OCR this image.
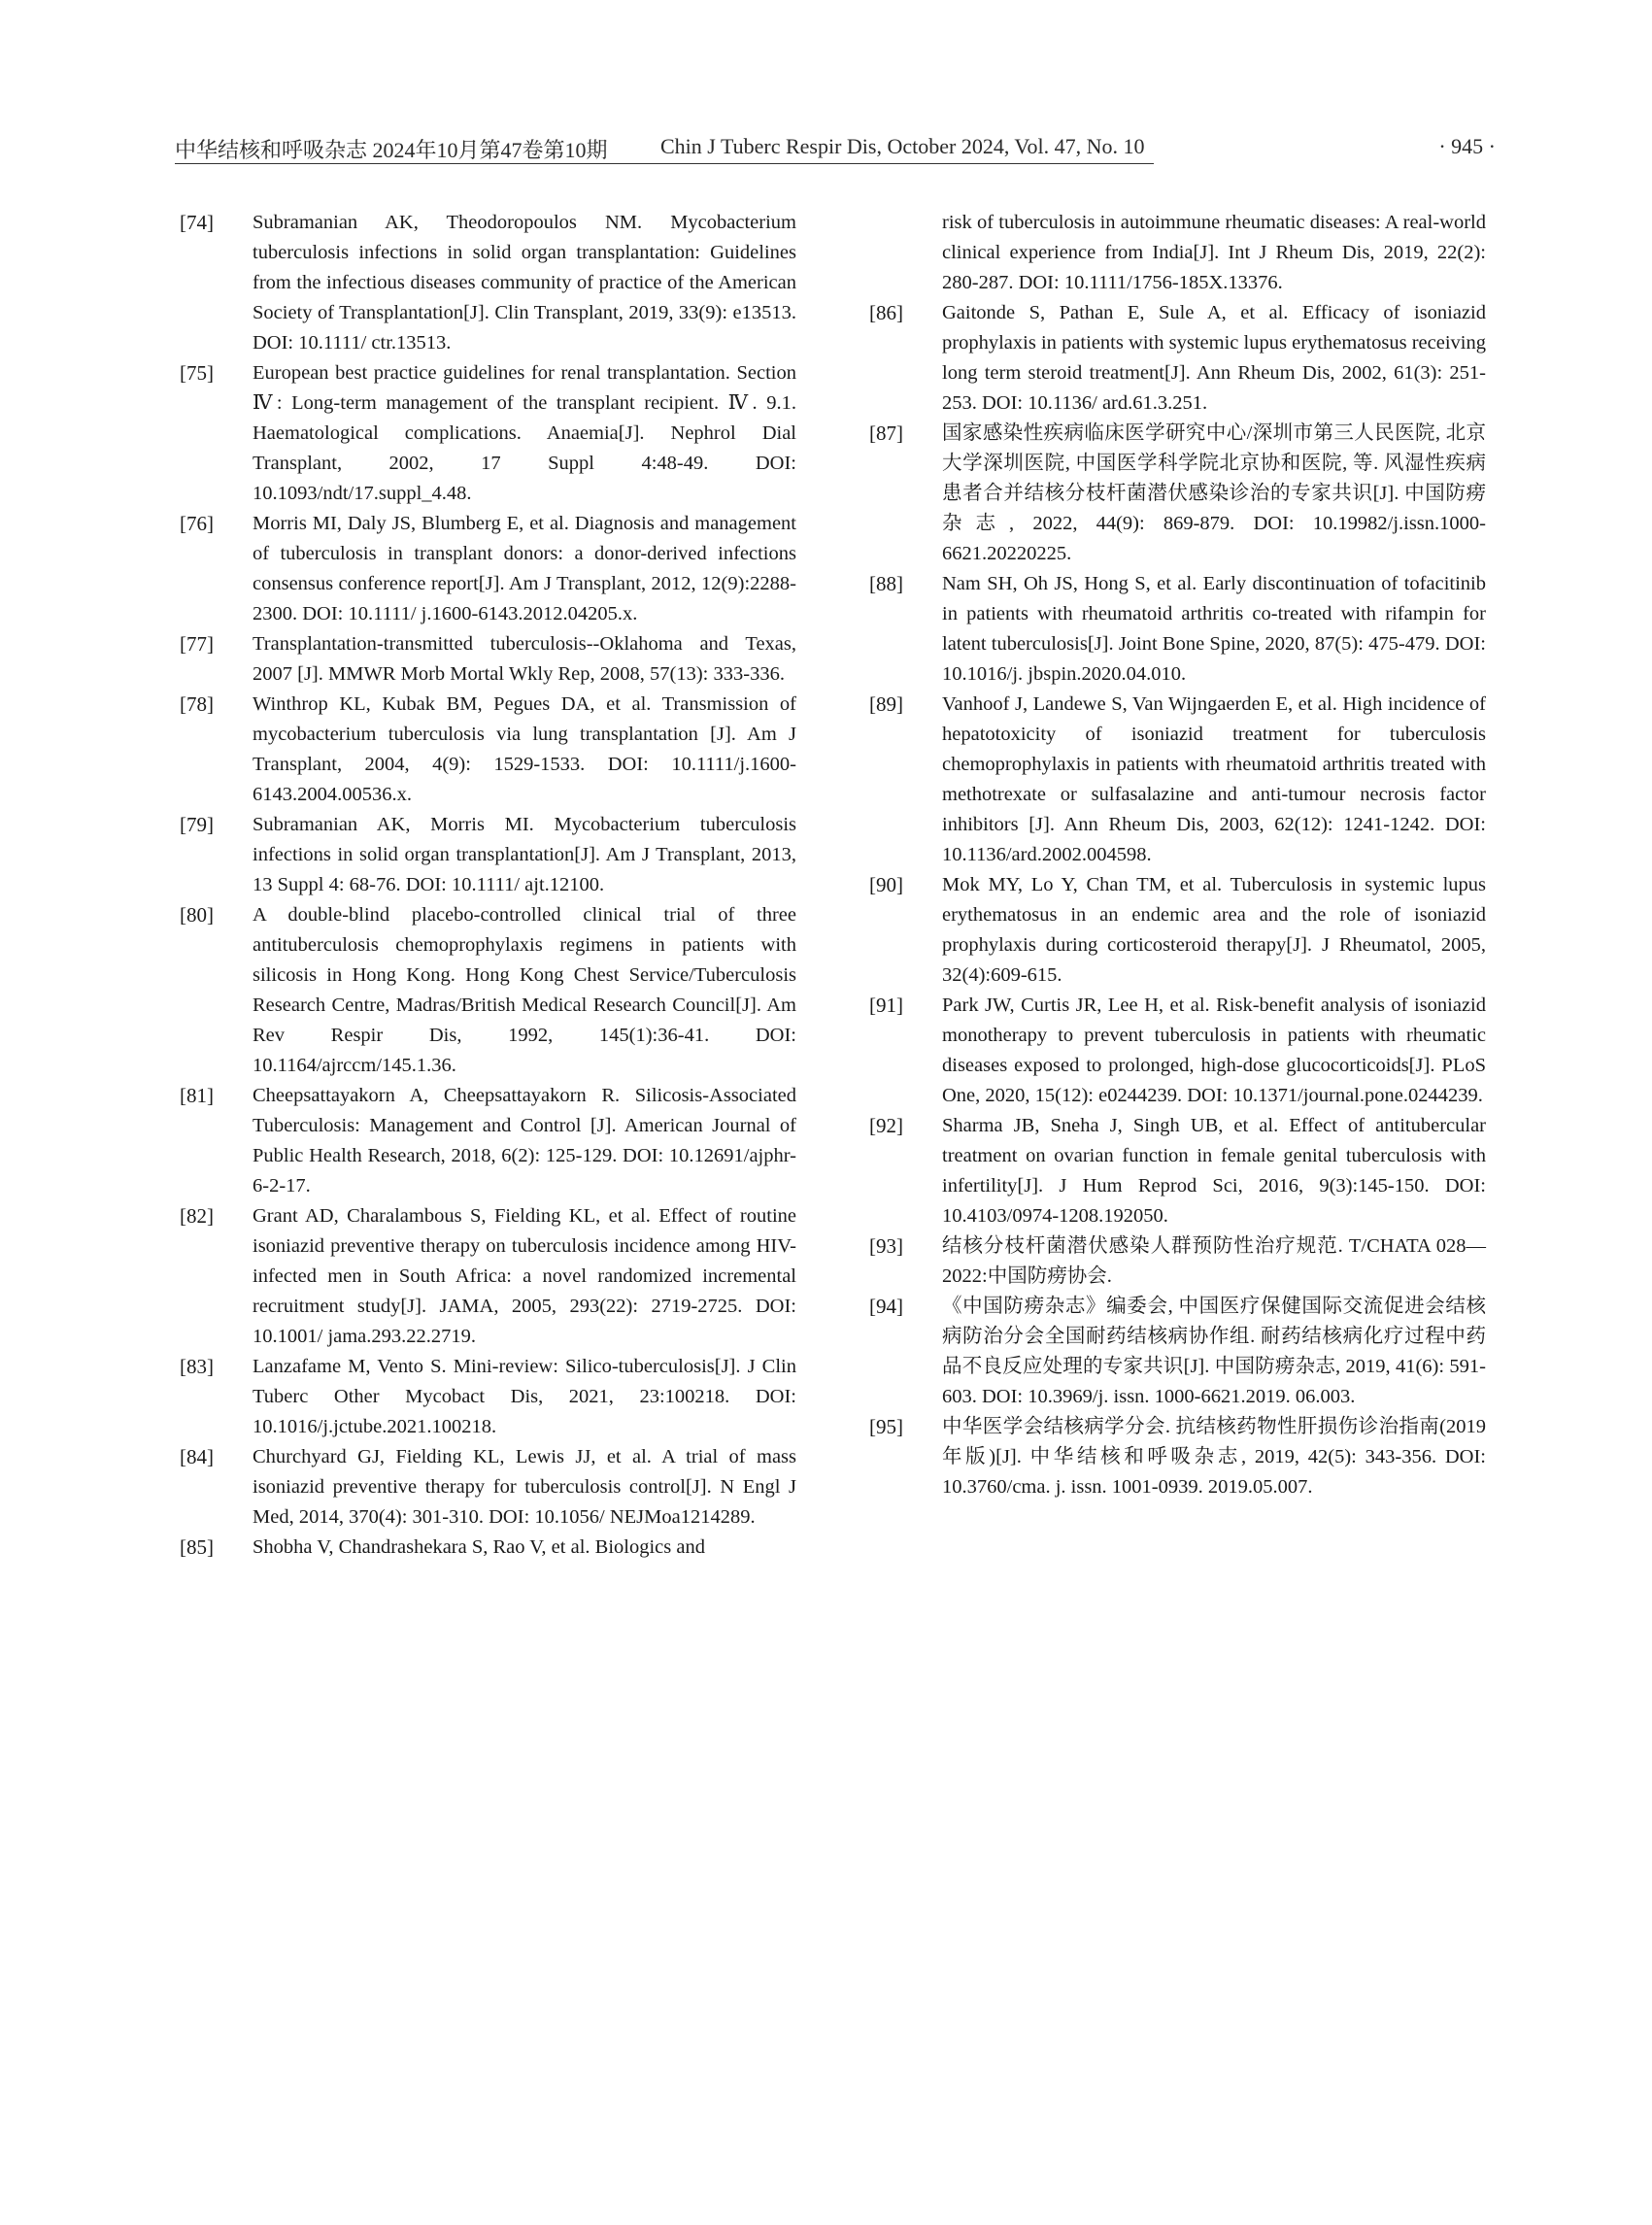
中华结核和呼吸杂志 2024年10月第47卷第10期 Chin J Tuberc Respir Dis, October 2024, Vol. 47, No. 10	· 945 ·
[74]	Subramanian AK, Theodoropoulos NM. Mycobacterium tuberculosis infections in solid organ transplantation: Guidelines from the infectious diseases community of practice of the American Society of Transplantation[J]. Clin Transplant, 2019, 33(9): e13513. DOI: 10.1111/ ctr.13513.
[75]	European best practice guidelines for renal transplantation. Section Ⅳ: Long-term management of the transplant recipient. Ⅳ. 9.1. Haematological complications. Anaemia[J]. Nephrol Dial Transplant, 2002, 17 Suppl 4:48-49. DOI: 10.1093/ndt/17.suppl_4.48.
[76]	Morris MI, Daly JS, Blumberg E, et al. Diagnosis and management of tuberculosis in transplant donors: a donor-derived infections consensus conference report[J]. Am J Transplant, 2012, 12(9):2288-2300. DOI: 10.1111/ j.1600-6143.2012.04205.x.
[77]	Transplantation-transmitted tuberculosis--Oklahoma and Texas, 2007 [J]. MMWR Morb Mortal Wkly Rep, 2008, 57(13): 333-336.
[78]	Winthrop KL, Kubak BM, Pegues DA, et al. Transmission of mycobacterium tuberculosis via lung transplantation [J]. Am J Transplant, 2004, 4(9): 1529-1533. DOI: 10.1111/j.1600-6143.2004.00536.x.
[79]	Subramanian AK, Morris MI. Mycobacterium tuberculosis infections in solid organ transplantation[J]. Am J Transplant, 2013, 13 Suppl 4: 68-76. DOI: 10.1111/ ajt.12100.
[80]	A double-blind placebo-controlled clinical trial of three antituberculosis chemoprophylaxis regimens in patients with silicosis in Hong Kong. Hong Kong Chest Service/Tuberculosis Research Centre, Madras/British Medical Research Council[J]. Am Rev Respir Dis, 1992, 145(1):36-41. DOI: 10.1164/ajrccm/145.1.36.
[81]	Cheepsattayakorn A, Cheepsattayakorn R. Silicosis-Associated Tuberculosis: Management and Control [J]. American Journal of Public Health Research, 2018, 6(2): 125-129. DOI: 10.12691/ajphr-6-2-17.
[82]	Grant AD, Charalambous S, Fielding KL, et al. Effect of routine isoniazid preventive therapy on tuberculosis incidence among HIV-infected men in South Africa: a novel randomized incremental recruitment study[J]. JAMA, 2005, 293(22): 2719-2725. DOI: 10.1001/ jama.293.22.2719.
[83]	Lanzafame M, Vento S. Mini-review: Silico-tuberculosis[J]. J Clin Tuberc Other Mycobact Dis, 2021, 23:100218. DOI: 10.1016/j.jctube.2021.100218.
[84]	Churchyard GJ, Fielding KL, Lewis JJ, et al. A trial of mass isoniazid preventive therapy for tuberculosis control[J]. N Engl J Med, 2014, 370(4): 301-310. DOI: 10.1056/ NEJMoa1214289.
[85]	Shobha V, Chandrashekara S, Rao V, et al. Biologics and
risk of tuberculosis in autoimmune rheumatic diseases: A real-world clinical experience from India[J]. Int J Rheum Dis, 2019, 22(2): 280-287. DOI: 10.1111/1756-185X.13376.
[86]	Gaitonde S, Pathan E, Sule A, et al. Efficacy of isoniazid prophylaxis in patients with systemic lupus erythematosus receiving long term steroid treatment[J]. Ann Rheum Dis, 2002, 61(3): 251-253. DOI: 10.1136/ ard.61.3.251.
[87]	国家感染性疾病临床医学研究中心/深圳市第三人民医院, 北京大学深圳医院, 中国医学科学院北京协和医院, 等. 风湿性疾病患者合并结核分枝杆菌潜伏感染诊治的专家共识[J]. 中国防痨杂志, 2022, 44(9): 869-879. DOI: 10.19982/j.issn.1000-6621.20220225.
[88]	Nam SH, Oh JS, Hong S, et al. Early discontinuation of tofacitinib in patients with rheumatoid arthritis co-treated with rifampin for latent tuberculosis[J]. Joint Bone Spine, 2020, 87(5): 475-479. DOI: 10.1016/j. jbspin.2020.04.010.
[89]	Vanhoof J, Landewe S, Van Wijngaerden E, et al. High incidence of hepatotoxicity of isoniazid treatment for tuberculosis chemoprophylaxis in patients with rheumatoid arthritis treated with methotrexate or sulfasalazine and anti-tumour necrosis factor inhibitors [J]. Ann Rheum Dis, 2003, 62(12): 1241-1242. DOI: 10.1136/ard.2002.004598.
[90]	Mok MY, Lo Y, Chan TM, et al. Tuberculosis in systemic lupus erythematosus in an endemic area and the role of isoniazid prophylaxis during corticosteroid therapy[J]. J Rheumatol, 2005, 32(4):609-615.
[91]	Park JW, Curtis JR, Lee H, et al. Risk-benefit analysis of isoniazid monotherapy to prevent tuberculosis in patients with rheumatic diseases exposed to prolonged, high-dose glucocorticoids[J]. PLoS One, 2020, 15(12): e0244239. DOI: 10.1371/journal.pone.0244239.
[92]	Sharma JB, Sneha J, Singh UB, et al. Effect of antitubercular treatment on ovarian function in female genital tuberculosis with infertility[J]. J Hum Reprod Sci, 2016, 9(3):145-150. DOI: 10.4103/0974-1208.192050.
[93]	结核分枝杆菌潜伏感染人群预防性治疗规范. T/CHATA 028—2022:中国防痨协会.
[94]	《中国防痨杂志》编委会, 中国医疗保健国际交流促进会结核病防治分会全国耐药结核病协作组. 耐药结核病化疗过程中药品不良反应处理的专家共识[J]. 中国防痨杂志, 2019, 41(6): 591-603. DOI: 10.3969/j. issn. 1000-6621.2019. 06.003.
[95]	中华医学会结核病学分会. 抗结核药物性肝损伤诊治指南(2019年版)[J]. 中华结核和呼吸杂志, 2019, 42(5): 343-356. DOI: 10.3760/cma. j. issn. 1001-0939. 2019.05.007.
